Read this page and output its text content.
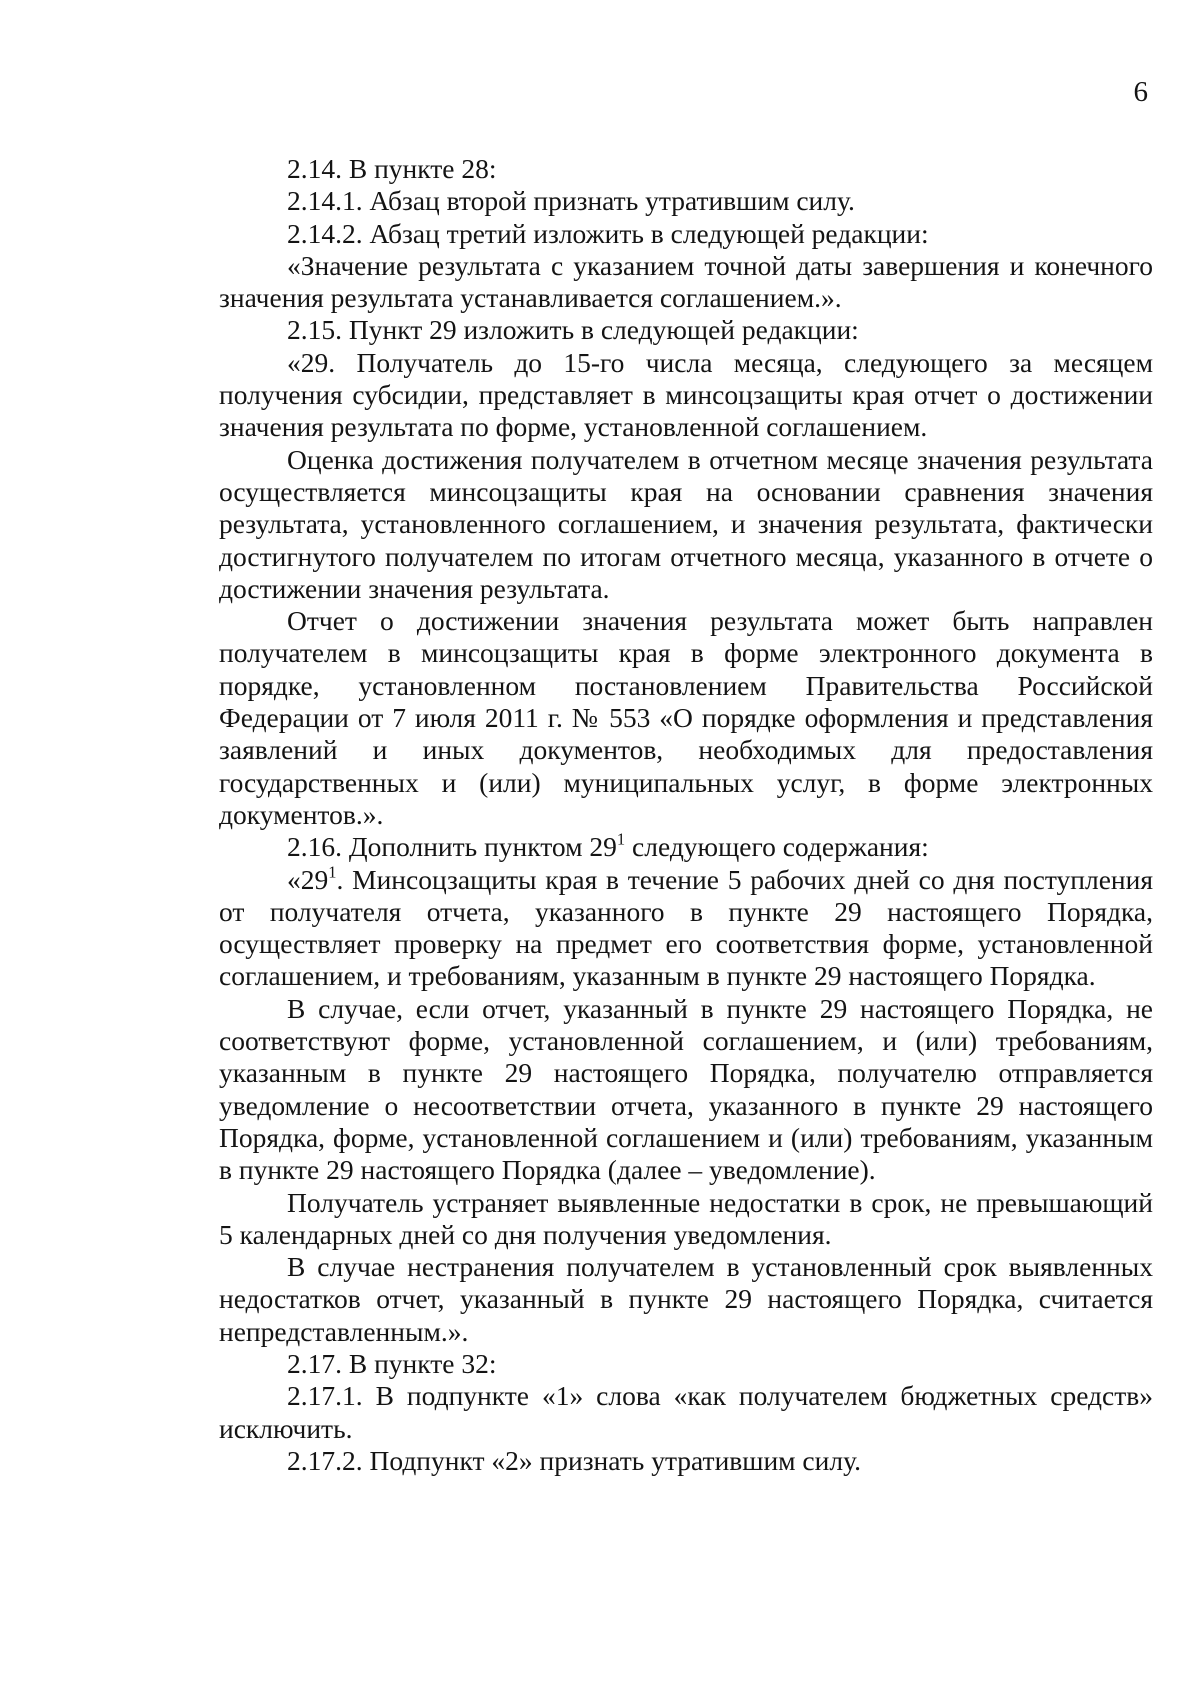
6

2.14. В пункте 28:

2.14.1. Абзац второй признать утратившим силу.

2.14.2. Абзац третий изложить в следующей редакции:

«Значение результата с указанием точной даты завершения и конечного значения результата устанавливается соглашением.».

2.15. Пункт 29 изложить в следующей редакции:

«29. Получатель до 15-го числа месяца, следующего за месяцем получения субсидии, представляет в минсоцзащиты края отчет о достижении значения результата по форме, установленной соглашением.

Оценка достижения получателем в отчетном месяце значения результата осуществляется минсоцзащиты края на основании сравнения значения результата, установленного соглашением, и значения результата, фактически достигнутого получателем по итогам отчетного месяца, указанного в отчете о достижении значения результата.

Отчет о достижении значения результата может быть направлен получателем в минсоцзащиты края в форме электронного документа в порядке, установленном постановлением Правительства Российской Федерации от 7 июля 2011 г. № 553 «О порядке оформления и представления заявлений и иных документов, необходимых для предоставления государственных и (или) муниципальных услуг, в форме электронных документов.».

2.16. Дополнить пунктом $29^1$ следующего содержания:

«$29^1$. Минсоцзащиты края в течение 5 рабочих дней со дня поступления от получателя отчета, указанного в пункте 29 настоящего Порядка, осуществляет проверку на предмет его соответствия форме, установленной соглашением, и требованиям, указанным в пункте 29 настоящего Порядка.

В случае, если отчет, указанный в пункте 29 настоящего Порядка, не соответствуют форме, установленной соглашением, и (или) требованиям, указанным в пункте 29 настоящего Порядка, получателю отправляется уведомление о несоответствии отчета, указанного в пункте 29 настоящего Порядка, форме, установленной соглашением и (или) требованиям, указанным в пункте 29 настоящего Порядка (далее – уведомление).

Получатель устраняет выявленные недостатки в срок, не превышающий 5 календарных дней со дня получения уведомления.

В случае нестранения получателем в установленный срок выявленных недостатков отчет, указанный в пункте 29 настоящего Порядка, считается непредставленным.».

2.17. В пункте 32:

2.17.1. В подпункте «1» слова «как получателем бюджетных средств» исключить.

2.17.2. Подпункт «2» признать утратившим силу.
